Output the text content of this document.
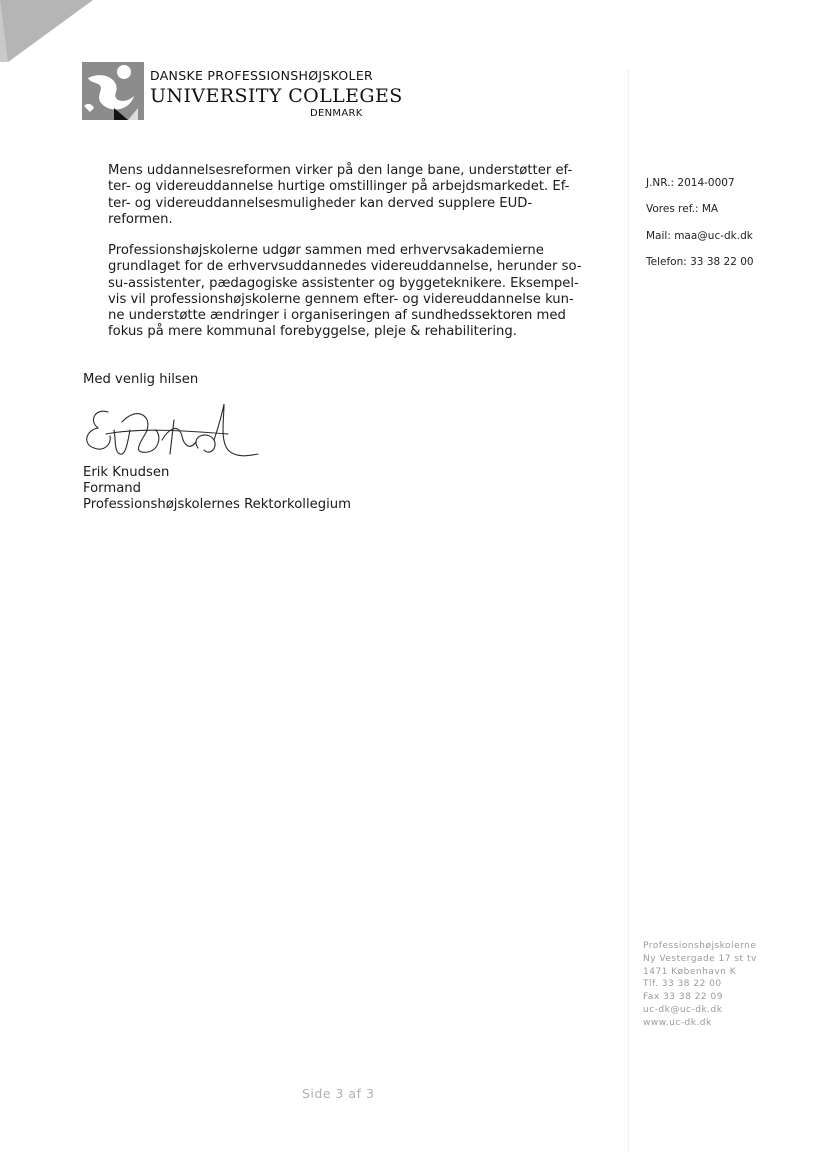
DANSKE PROFESSIONSHØJSKOLER
UNIVERSITY COLLEGES
DENMARK

Mens uddannelsesreformen virker på den lange bane, understøtter ef-
ter- og videreuddannelse hurtige omstillinger på arbejdsmarkedet. Ef-
ter- og videreuddannelsesmuligheder kan derved supplere EUD-
reformen.

Professionshøjskolerne udgør sammen med erhvervsakademierne
grundlaget for de erhvervsuddannedes videreuddannelse, herunder so-
su-assistenter, pædagogiske assistenter og byggeteknikere. Eksempel-
vis vil professionshøjskolerne gennem efter- og videreuddannelse kun-
ne understøtte ændringer i organiseringen af sundhedssektoren med
fokus på mere kommunal forebyggelse, pleje & rehabilitering.

J.NR.: 2014-0007
Vores ref.: MA
Mail: maa@uc-dk.dk
Telefon: 33 38 22 00

Med venlig hilsen

Erik Knudsen

Formand

Professionshøjskolernes Rektorkollegium

Professionshøjskolerne
Ny Vestergade 17 st tv
1471 København K
Tlf. 33 38 22 00
Fax 33 38 22 09
uc-dk@uc-dk.dk
www.uc-dk.dk
Side 3 af 3
